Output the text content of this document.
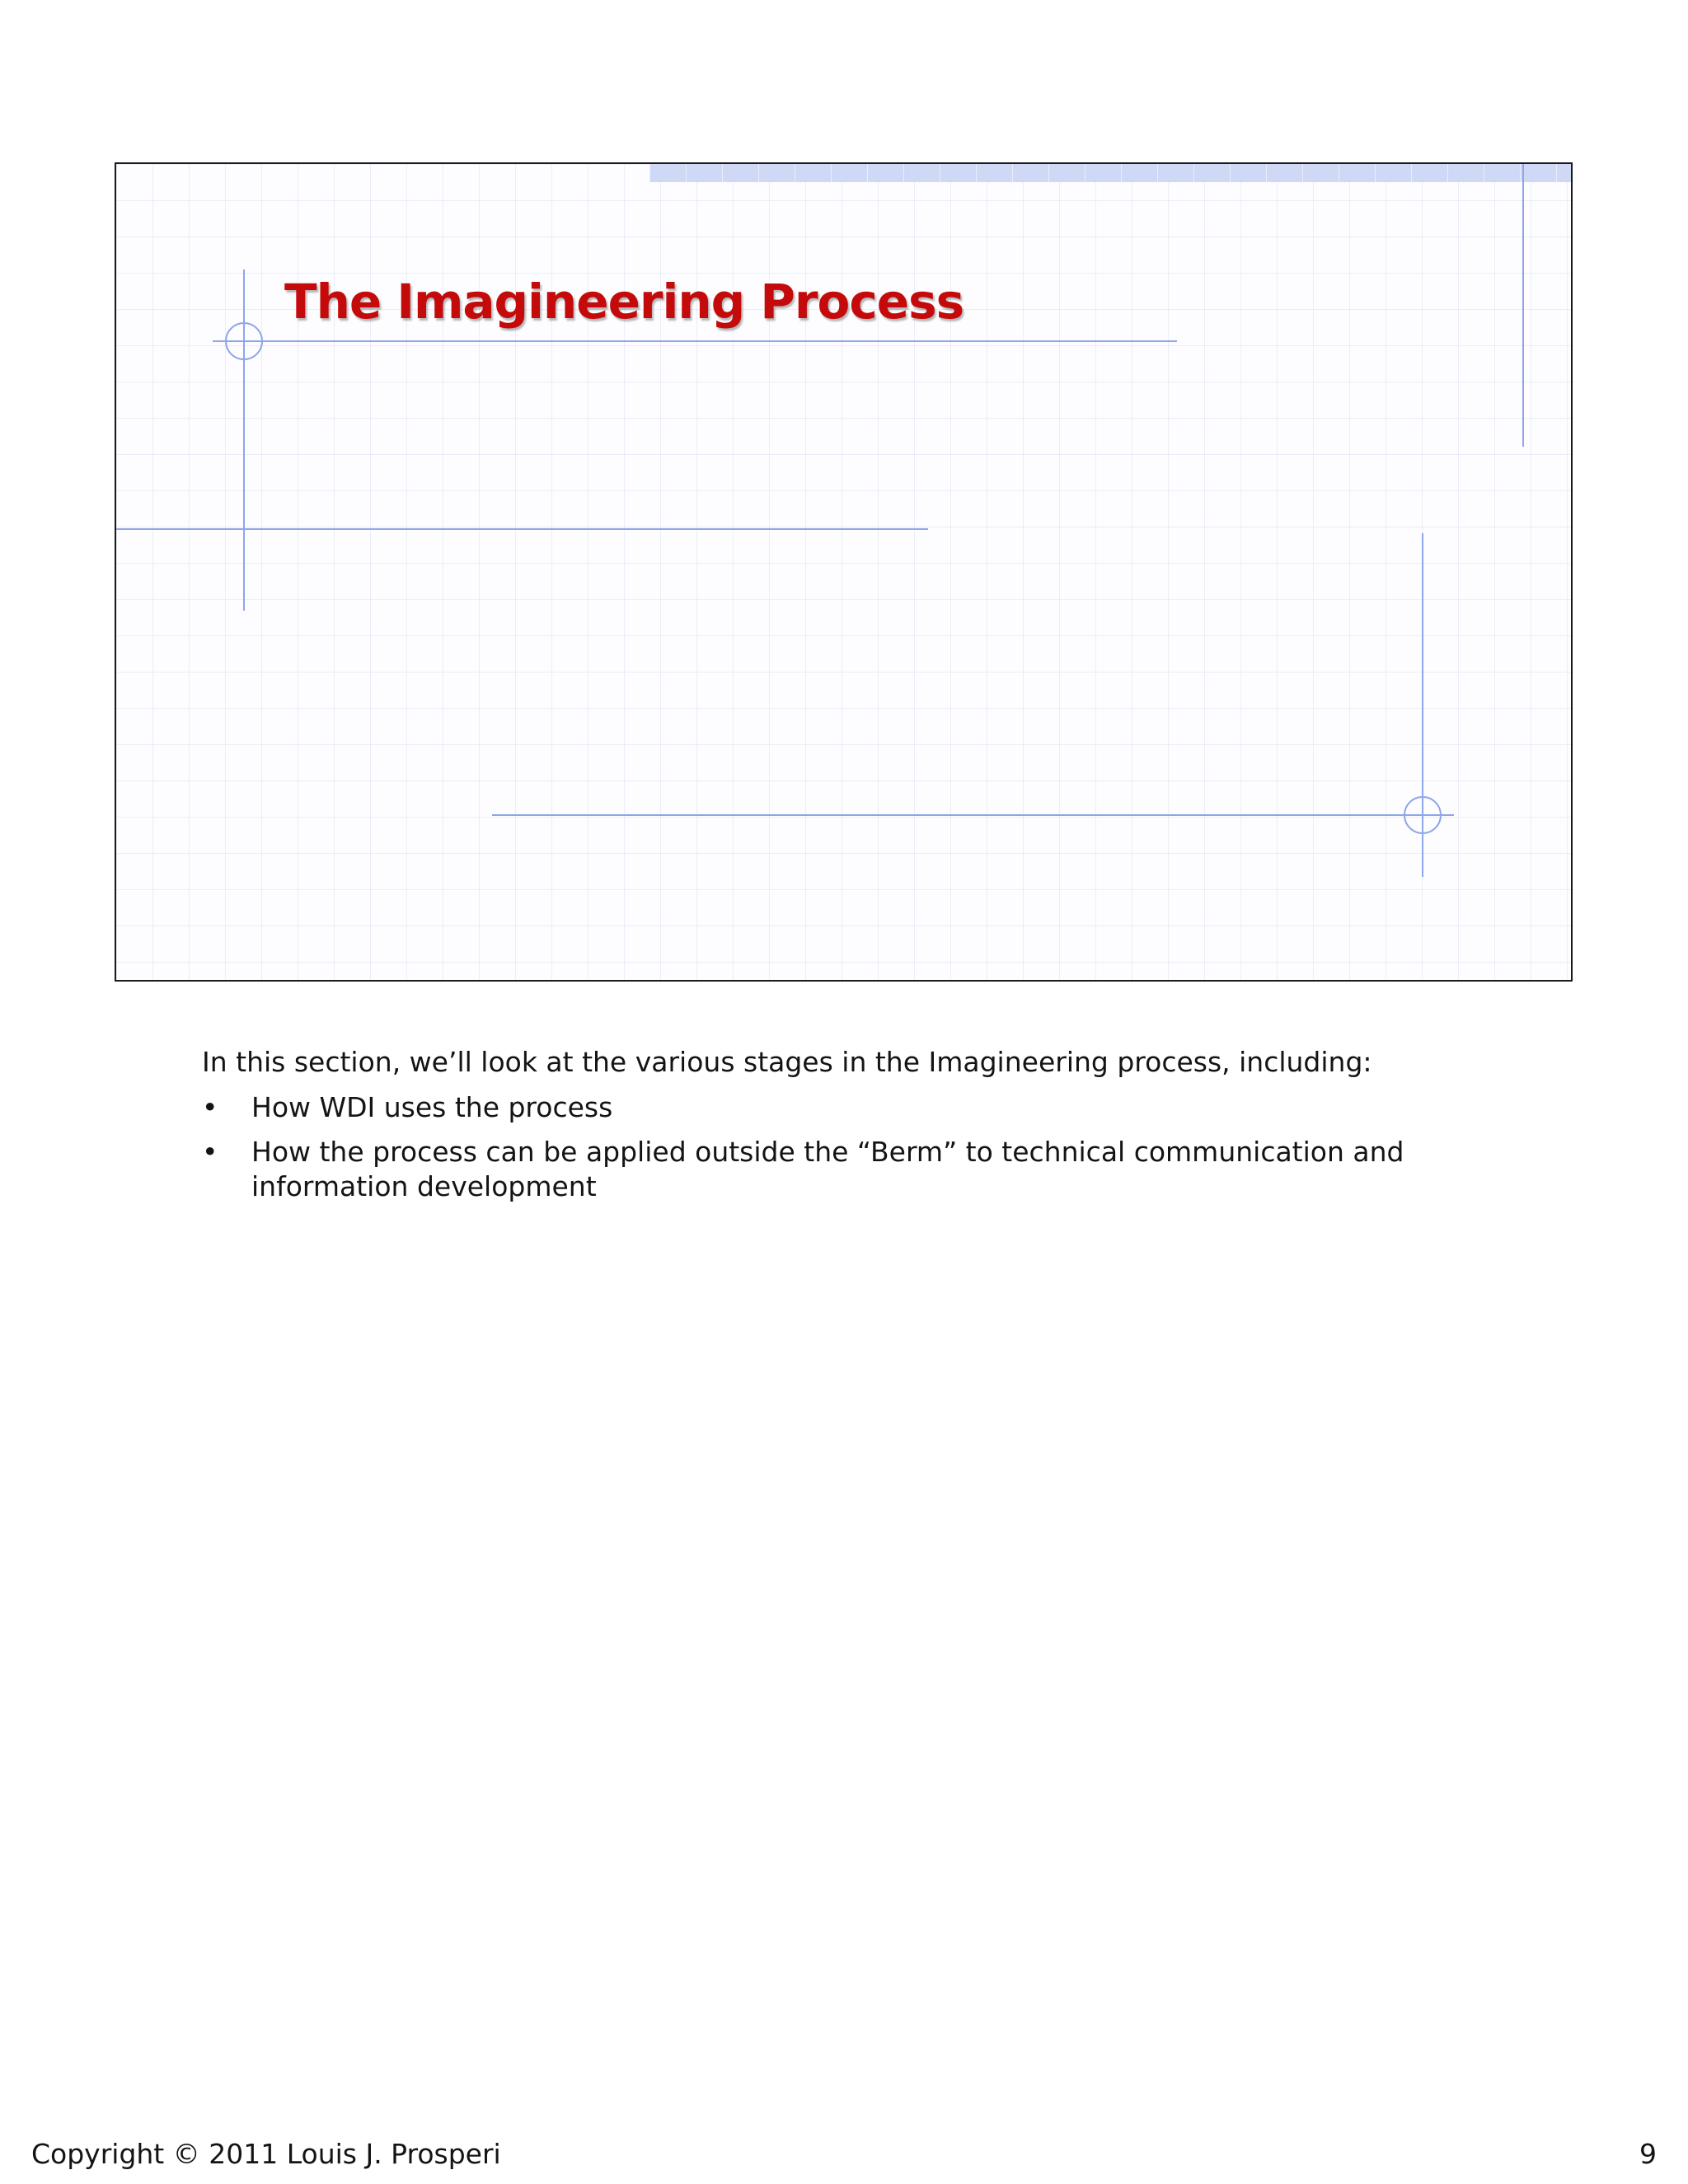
The Imagineering Process

In this section, we’ll look at the various stages in the Imagineering process, including:

• How WDI uses the process
• How the process can be applied outside the “Berm” to technical communication and information development
Copyright © 2011 Louis J. Prosperi	9
